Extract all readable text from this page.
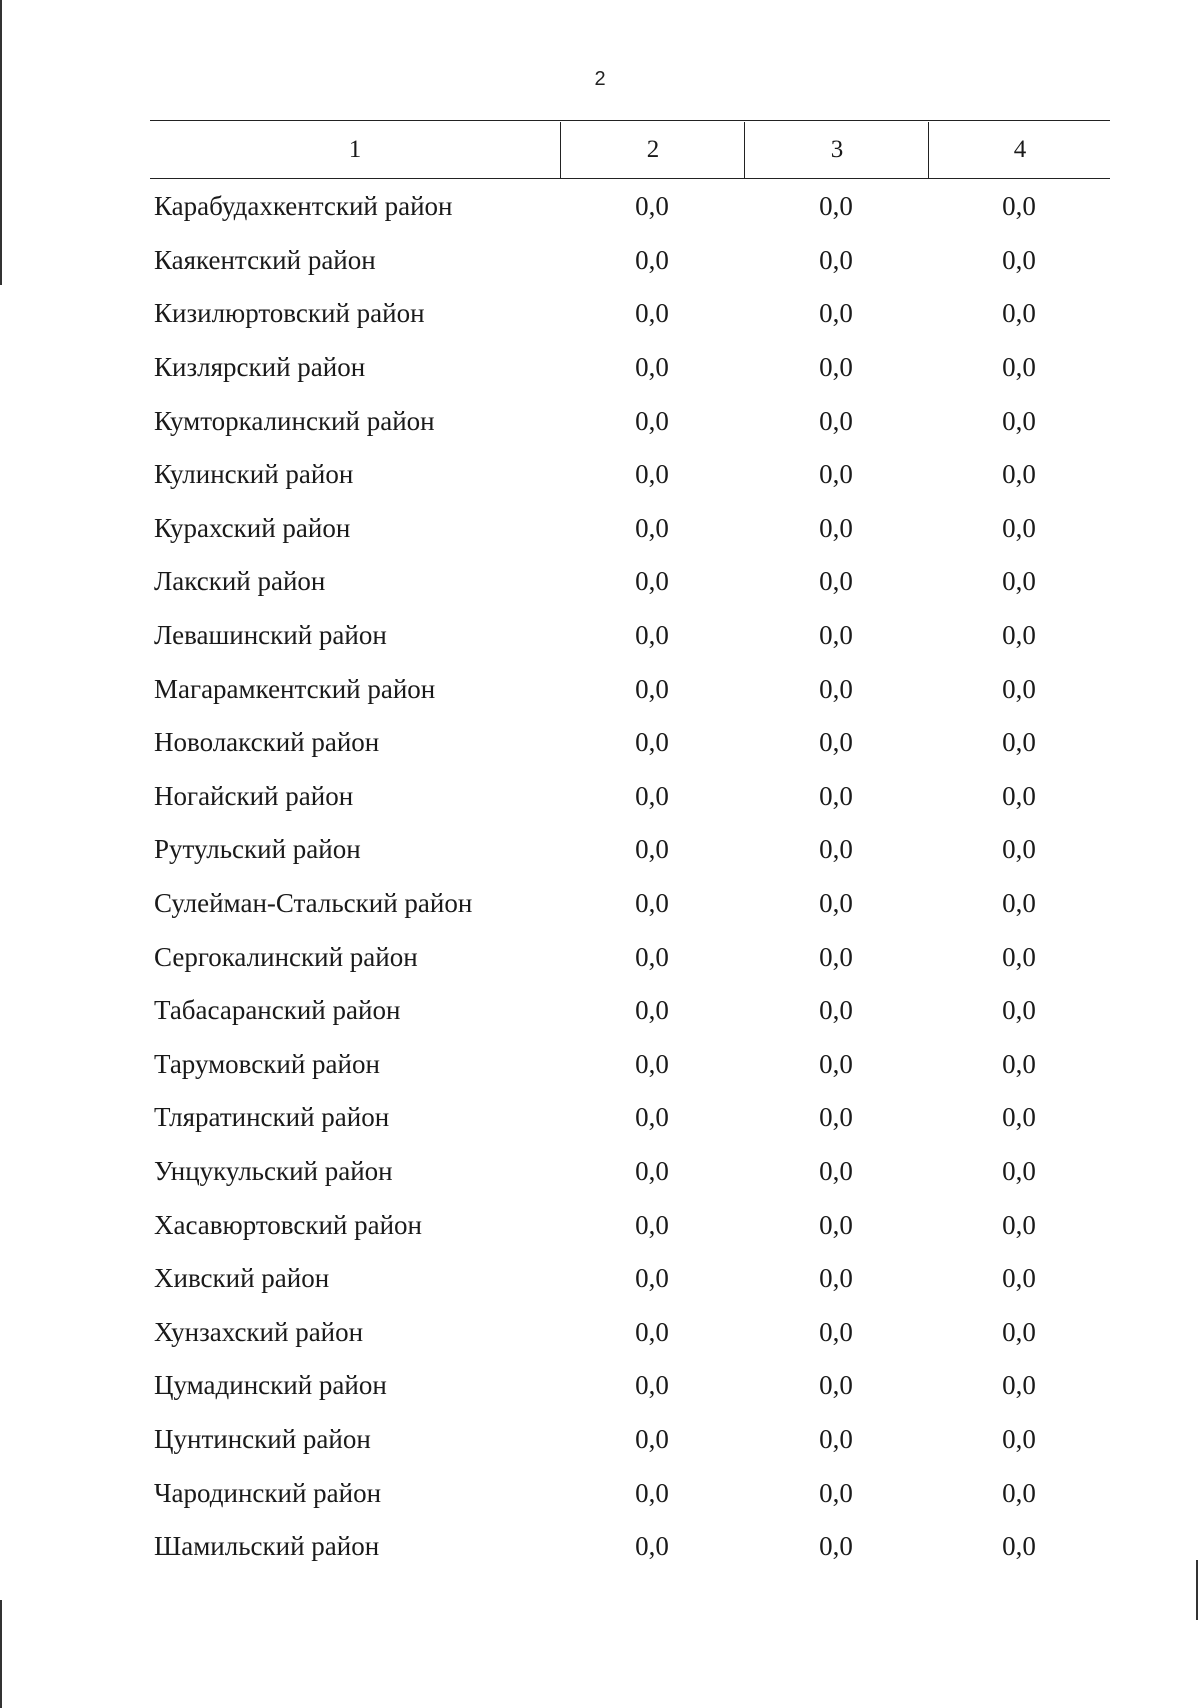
2
1	2	3	4
Карабудахкентский район	0,0	0,0	0,0
Каякентский район	0,0	0,0	0,0
Кизилюртовский район	0,0	0,0	0,0
Кизлярский район	0,0	0,0	0,0
Кумторкалинский район	0,0	0,0	0,0
Кулинский район	0,0	0,0	0,0
Курахский район	0,0	0,0	0,0
Лакский район	0,0	0,0	0,0
Левашинский район	0,0	0,0	0,0
Магарамкентский район	0,0	0,0	0,0
Новолакский район	0,0	0,0	0,0
Ногайский район	0,0	0,0	0,0
Рутульский район	0,0	0,0	0,0
Сулейман-Стальский район	0,0	0,0	0,0
Сергокалинский район	0,0	0,0	0,0
Табасаранский район	0,0	0,0	0,0
Тарумовский район	0,0	0,0	0,0
Тляратинский район	0,0	0,0	0,0
Унцукульский район	0,0	0,0	0,0
Хасавюртовский район	0,0	0,0	0,0
Хивский район	0,0	0,0	0,0
Хунзахский район	0,0	0,0	0,0
Цумадинский район	0,0	0,0	0,0
Цунтинский район	0,0	0,0	0,0
Чародинский район	0,0	0,0	0,0
Шамильский район	0,0	0,0	0,0
